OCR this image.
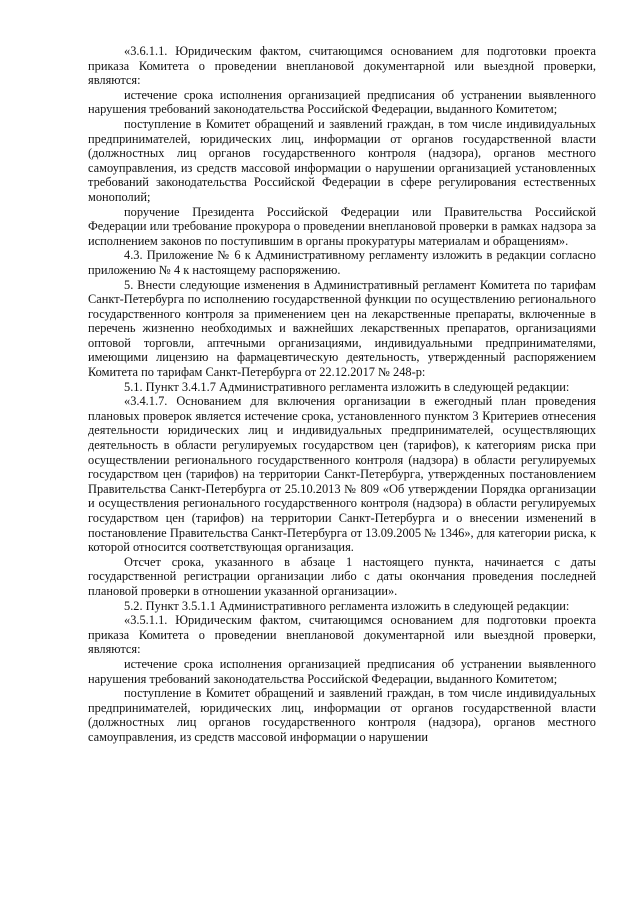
«3.6.1.1. Юридическим фактом, считающимся основанием для подготовки проекта приказа Комитета о проведении внеплановой документарной или выездной проверки, являются:

истечение срока исполнения организацией предписания об устранении выявленного нарушения требований законодательства Российской Федерации, выданного Комитетом;

поступление в Комитет обращений и заявлений граждан, в том числе индивидуальных предпринимателей, юридических лиц, информации от органов государственной власти (должностных лиц органов государственного контроля (надзора), органов местного самоуправления, из средств массовой информации о нарушении организацией установленных требований законодательства Российской Федерации в сфере регулирования естественных монополий;

поручение Президента Российской Федерации или Правительства Российской Федерации или требование прокурора о проведении внеплановой проверки в рамках надзора за исполнением законов по поступившим в органы прокуратуры материалам и обращениям».

4.3. Приложение № 6 к Административному регламенту изложить в редакции согласно приложению № 4 к настоящему распоряжению.

5. Внести следующие изменения в Административный регламент Комитета по тарифам Санкт-Петербурга по исполнению государственной функции по осуществлению регионального государственного контроля за применением цен на лекарственные препараты, включенные в перечень жизненно необходимых и важнейших лекарственных препаратов, организациями оптовой торговли, аптечными организациями, индивидуальными предпринимателями, имеющими лицензию на фармацевтическую деятельность, утвержденный распоряжением Комитета по тарифам Санкт-Петербурга от 22.12.2017 № 248-р:

5.1. Пункт 3.4.1.7 Административного регламента изложить в следующей редакции:

«3.4.1.7. Основанием для включения организации в ежегодный план проведения плановых проверок является истечение срока, установленного пунктом 3 Критериев отнесения деятельности юридических лиц и индивидуальных предпринимателей, осуществляющих деятельность в области регулируемых государством цен (тарифов), к категориям риска при осуществлении регионального государственного контроля (надзора) в области регулируемых государством цен (тарифов) на территории Санкт-Петербурга, утвержденных постановлением Правительства Санкт-Петербурга от 25.10.2013 № 809 «Об утверждении Порядка организации и осуществления регионального государственного контроля (надзора) в области регулируемых государством цен (тарифов) на территории Санкт-Петербурга и о внесении изменений в постановление Правительства Санкт-Петербурга от 13.09.2005 № 1346», для категории риска, к которой относится соответствующая организация.

Отсчет срока, указанного в абзаце 1 настоящего пункта, начинается с даты государственной регистрации организации либо с даты окончания проведения последней плановой проверки в отношении указанной организации».

5.2. Пункт 3.5.1.1 Административного регламента изложить в следующей редакции:

«3.5.1.1. Юридическим фактом, считающимся основанием для подготовки проекта приказа Комитета о проведении внеплановой документарной или выездной проверки, являются:

истечение срока исполнения организацией предписания об устранении выявленного нарушения требований законодательства Российской Федерации, выданного Комитетом;

поступление в Комитет обращений и заявлений граждан, в том числе индивидуальных предпринимателей, юридических лиц, информации от органов государственной власти (должностных лиц органов государственного контроля (надзора), органов местного самоуправления, из средств массовой информации о нарушении
